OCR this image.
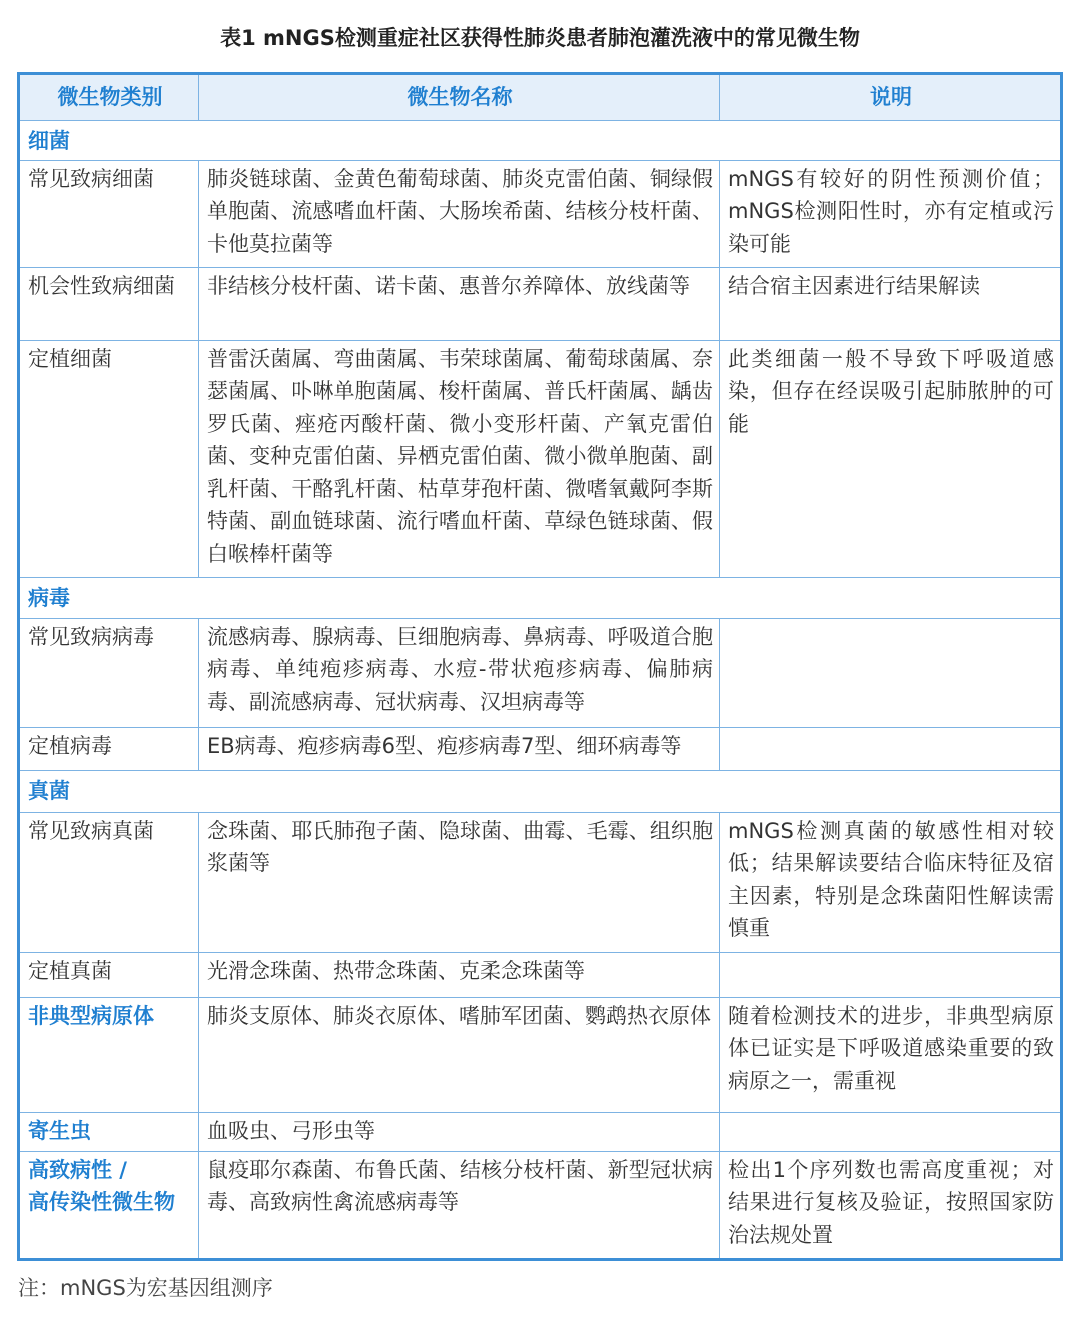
表1 mNGS检测重症社区获得性肺炎患者肺泡灌洗液中的常见微生物
微生物类别	微生物名称	说明
细菌		
常见致病细菌	肺炎链球菌、金黄色葡萄球菌、肺炎克雷伯菌、铜绿假单胞菌、流感嗜血杆菌、大肠埃希菌、结核分枝杆菌、卡他莫拉菌等	mNGS有较好的阴性预测价值； mNGS检测阳性时，亦有定植或污染可能
机会性致病细菌	非结核分枝杆菌、诺卡菌、惠普尔养障体、放线菌等	结合宿主因素进行结果解读
定植细菌	普雷沃菌属、弯曲菌属、韦荣球菌属、葡萄球菌属、奈瑟菌属、卟啉单胞菌属、梭杆菌属、普氏杆菌属、龋齿罗氏菌、痤疮丙酸杆菌、微小变形杆菌、产氧克雷伯菌、变种克雷伯菌、异栖克雷伯菌、微小微单胞菌、副乳杆菌、干酪乳杆菌、枯草芽孢杆菌、微嗜氧戴阿李斯特菌、副血链球菌、流行嗜血杆菌、草绿色链球菌、假白喉棒杆菌等	此类细菌一般不导致下呼吸道感染，但存在经误吸引起肺脓肿的可能
病毒		
常见致病病毒	流感病毒、腺病毒、巨细胞病毒、鼻病毒、呼吸道合胞病毒、单纯疱疹病毒、水痘-带状疱疹病毒、偏肺病毒、副流感病毒、冠状病毒、汉坦病毒等	
定植病毒	EB病毒、疱疹病毒6型、疱疹病毒7型、细环病毒等	
真菌		
常见致病真菌	念珠菌、耶氏肺孢子菌、隐球菌、曲霉、毛霉、组织胞浆菌等	mNGS检测真菌的敏感性相对较低；结果解读要结合临床特征及宿主因素，特别是念珠菌阳性解读需慎重
定植真菌	光滑念珠菌、热带念珠菌、克柔念珠菌等	
非典型病原体	肺炎支原体、肺炎衣原体、嗜肺军团菌、鹦鹉热衣原体	随着检测技术的进步，非典型病原体已证实是下呼吸道感染重要的致病原之一，需重视
寄生虫	血吸虫、弓形虫等	
高致病性 /
高传染性微生物	鼠疫耶尔森菌、布鲁氏菌、结核分枝杆菌、新型冠状病毒、高致病性禽流感病毒等	检出1个序列数也需高度重视；对结果进行复核及验证，按照国家防治法规处置
注：mNGS为宏基因组测序
